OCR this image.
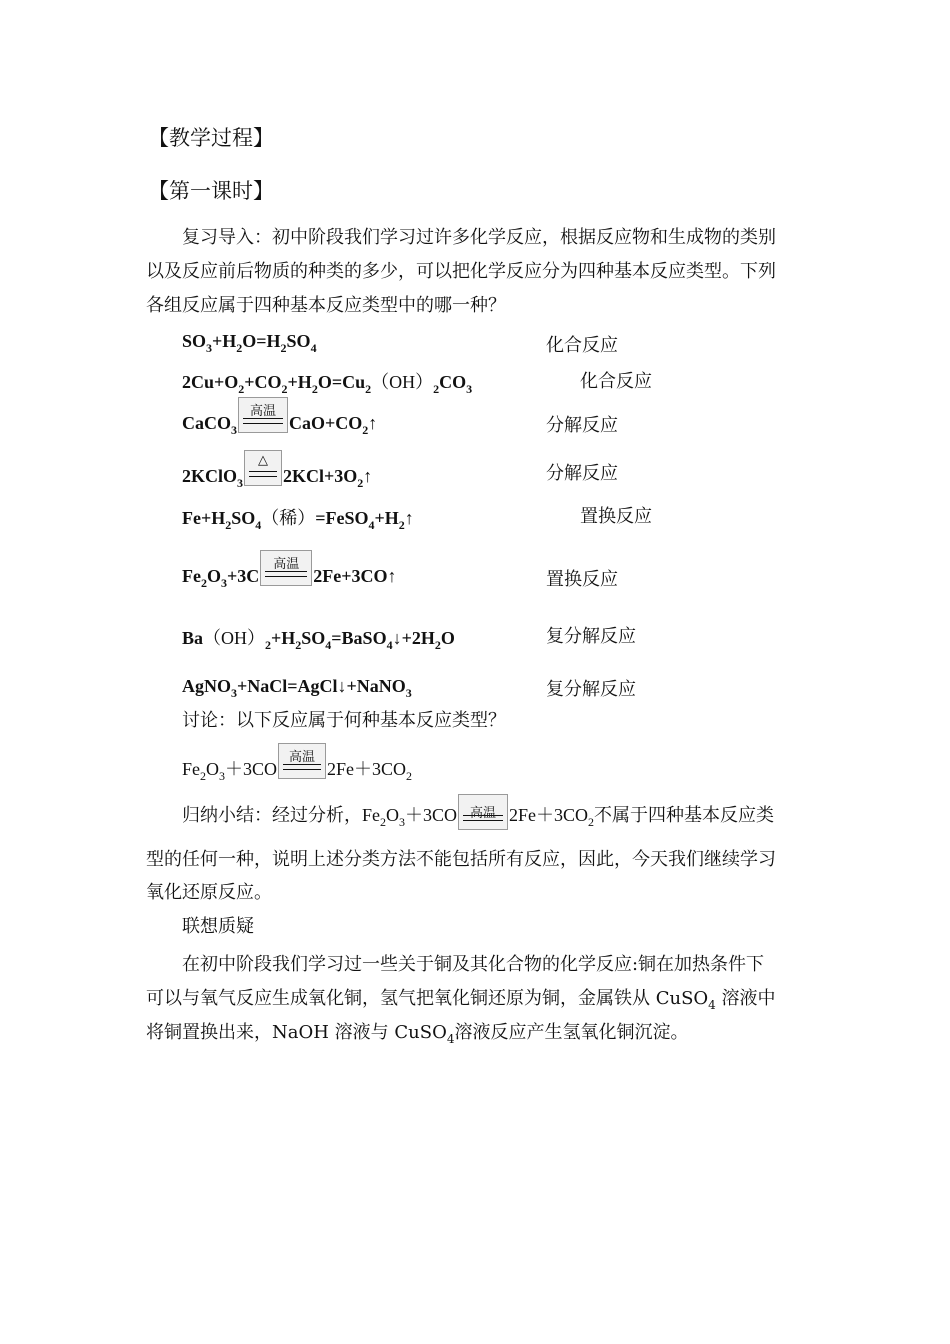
【教学过程】
【第一课时】
复习导入：初中阶段我们学习过许多化学反应，根据反应物和生成物的类别
以及反应前后物质的种类的多少，可以把化学反应分为四种基本反应类型。下列
各组反应属于四种基本反应类型中的哪一种？
$SO_3+H_2O=H_2SO_4$	化合反应
$2Cu+O_2+CO_2+H_2O=Cu_2(OH)_2CO_3$	化合反应
CaCO$_3$
高温
$CaO+CO_2↑$	分解反应
2KClO$_3$
△
$2KCl+3O_2↑$	分解反应
$Fe+H_2SO_4$（稀）$=FeSO_4+H_2↑$	置换反应
$Fe_2O_3+3C$
高温
2Fe+3CO↑	置换反应
$Ba(OH)_2+H_2SO_4=BaSO_4↓+2H_2O$	复分解反应
AgNO$_3$+NaCl=AgCl↓+NaNO$_3$	复分解反应
讨论：以下反应属于何种基本反应类型？
$Fe_2O_3+3CO$
高温
$2Fe+3CO_2$
归纳小结：经过分析，$Fe_2O_3+3CO$ 高温 $2Fe+3CO_2$不属于四种基本反应类
型的任何一种，说明上述分类方法不能包括所有反应，因此，今天我们继续学习
氧化还原反应。
联想质疑
在初中阶段我们学习过一些关于铜及其化合物的化学反应:铜在加热条件下
可以与氧气反应生成氧化铜，氢气把氧化铜还原为铜，金属铁从 CuSO$_4$ 溶液中
将铜置换出来，NaOH 溶液与 CuSO$_4$溶液反应产生氢氧化铜沉淀。
